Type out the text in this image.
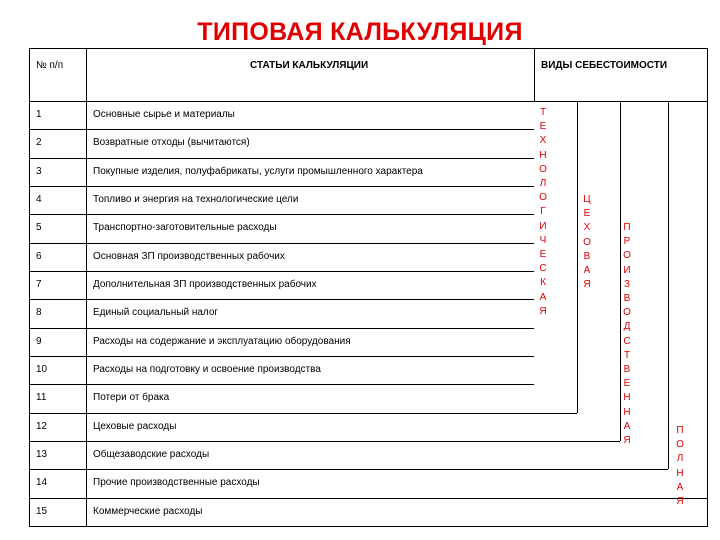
ТИПОВАЯ КАЛЬКУЛЯЦИЯ
№ п/п	СТАТЬИ КАЛЬКУЛЯЦИИ	ВИДЫ СЕБЕСТОИМОСТИ
1	Основные сырье и материалы
2	Возвратные отходы (вычитаются)
3	Покупные изделия, полуфабрикаты, услуги промышленного характера
4	Топливо и энергия на технологические цели
5	Транспортно-заготовительные расходы
6	Основная ЗП производственных рабочих
7	Дополнительная ЗП производственных рабочих
8	Единый социальный налог
9	Расходы на содержание и эксплуатацию оборудования
10	Расходы на подготовку и освоение производства
11	Потери от брака
12	Цеховые расходы
13	Общезаводские расходы
14	Прочие производственные расходы
15	Коммерческие расходы
Т
Е
Х
Н
О
Л
О
Г
И
Ч
Е
С
К
А
Я
Ц
Е
Х
О
В
А
Я
П
Р
О
И
З
В
О
Д
С
Т
В
Е
Н
Н
А
Я
П
О
Л
Н
А
Я
